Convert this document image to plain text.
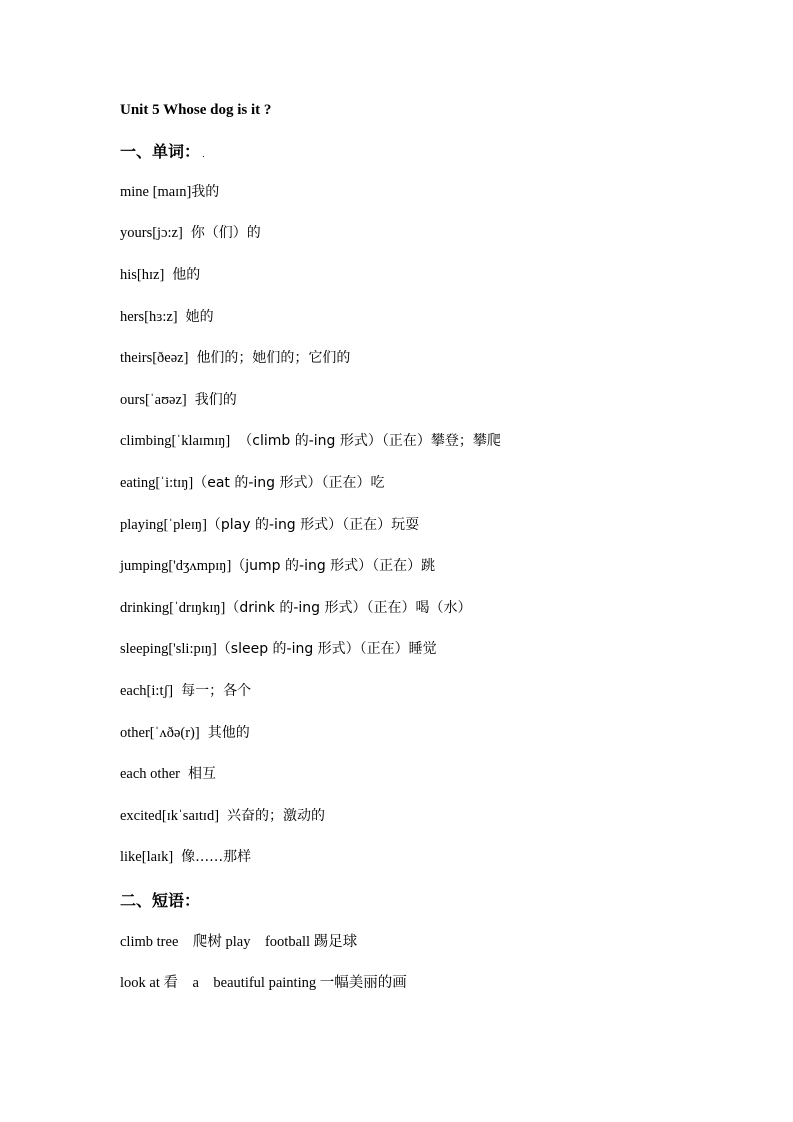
Unit 5 Whose dog is it ?
一、单词： .
mine [maɪn]我的
yours[jɔ:z] 你（们）的
his[hɪz] 他的
hers[hɜ:z] 她的
theirs[ðeəz] 他们的；她们的；它们的
ours[ˈaʊəz] 我们的
climbing[ˈklaɪmɪŋ] （climb 的-ing 形式）（正在）攀登；攀爬
eating[ˈi:tɪŋ]（eat 的-ing 形式）（正在）吃
playing[ˈpleɪŋ]（play 的-ing 形式）（正在）玩耍
jumping['dʒʌmpɪŋ]（jump 的-ing 形式）（正在）跳
drinking[ˈdrɪŋkɪŋ]（drink 的-ing 形式）（正在）喝（水）
sleeping['sli:pɪŋ]（sleep 的-ing 形式）（正在）睡觉
each[i:tʃ] 每一；各个
other[ˈʌðə(r)] 其他的
each other 相互
excited[ɪkˈsaɪtɪd] 兴奋的；激动的
like[laɪk] 像……那样
二、短语：
climb tree　爬树 play　football 踢足球
look at 看　a　beautiful painting 一幅美丽的画
